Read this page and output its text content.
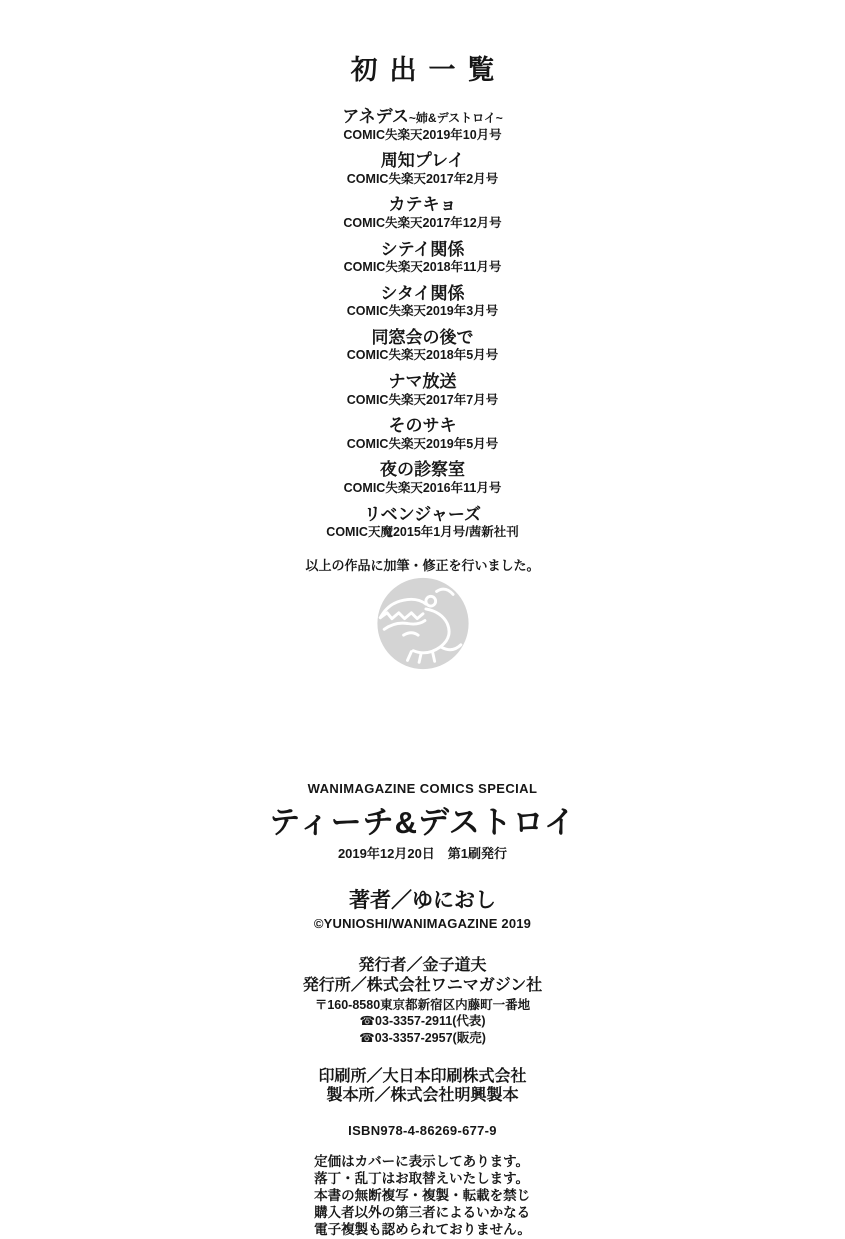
初出一覧
アネデス~姉&デストロイ~
COMIC失楽天2019年10月号
周知プレイ
COMIC失楽天2017年2月号
カテキョ
COMIC失楽天2017年12月号
シテイ関係
COMIC失楽天2018年11月号
シタイ関係
COMIC失楽天2019年3月号
同窓会の後で
COMIC失楽天2018年5月号
ナマ放送
COMIC失楽天2017年7月号
そのサキ
COMIC失楽天2019年5月号
夜の診察室
COMIC失楽天2016年11月号
リベンジャーズ
COMIC天魔2015年1月号/茜新社刊

以上の作品に加筆・修正を行いました。

WANIMAGAZINE COMICS SPECIAL

ティーチ&デストロイ

2019年12月20日　第1刷発行

著者／ゆにおし

©YUNIOSHI/WANIMAGAZINE 2019

発行者／金子道夫

発行所／株式会社ワニマガジン社

〒160-8580東京都新宿区内藤町一番地

☎03-3357-2911(代表)

☎03-3357-2957(販売)

印刷所／大日本印刷株式会社

製本所／株式会社明興製本

ISBN978-4-86269-677-9

定価はカバーに表示してあります。

落丁・乱丁はお取替えいたします。

本書の無断複写・複製・転載を禁じ

購入者以外の第三者によるいかなる

電子複製も認められておりません。
